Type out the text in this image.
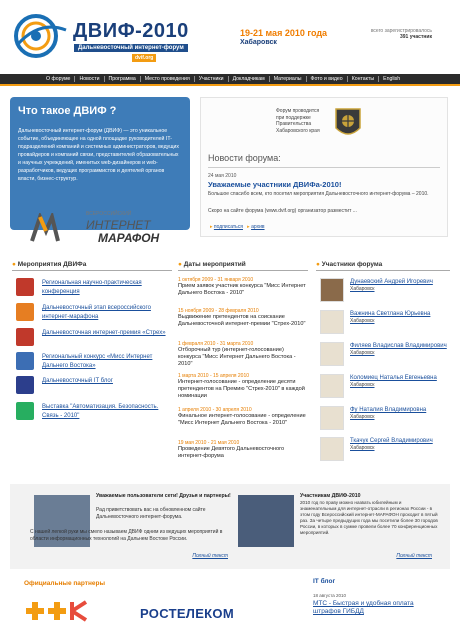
ДВИФ-2010
Дальневосточный интернет-форум
dvif.org
19-21 мая 2010 года
Хабаровск
всего зарегистрировалось
391 участник
О форуме	Новости	Программа	Место проведения	Участники	Докладчикам	Материалы	Фото и видео	Контакты	English
Что такое ДВИФ ?

Дальневосточный интернет-форум (ДВИФ) — это уникальное событие, объединяющее на одной площадке руководителей IT-подразделений компаний и системных администраторов, ведущих провайдеров и компаний связи, представителей образовательных и научных учреждений, именитых web-дизайнеров и web-разработчиков, ведущих программистов и деятелей органов власти, бизнес-структур.

Форум проводится при поддержке Правительства Хабаровского края
Новости форума:
24 мая 2010
Уважаемые участники ДВИФа-2010!
Большое спасибо всем, кто посетил мероприятия Дальневосточного интернет-форума – 2010.
Скоро на сайте форума (www.dvif.org) организатор разместит ...
▸ подписаться ▸ архив
ВСЕРОССИЙСКИЙ
ИНТЕРНЕТ
МАРАФОН
● Мероприятия ДВИФа	● Даты мероприятий	● Участники форума
Региональная научно-практическая конференция
Дальневосточный этап всероссийского интернет-марафона
Дальневосточная интернет-премия «Стрех»
Региональный конкурс «Мисс Интернет Дальнего Востока»
Дальневосточный IT блог
Выставка "Автоматизация. Безопасность. Связь - 2010"
1 октября 2009 - 31 января 2010
Прием заявок участник конкурса "Мисс Интернет Дальнего Востока - 2010"
15 ноября 2009 - 28 февраля 2010
Выдвижение претендентов на соискание Дальневосточной интернет-премии "Стрех-2010"
1 февраля 2010 - 31 марта 2010
Отборочный тур (интернет-голосование) конкурса "Мисс Интернет Дальнего Востока - 2010"
1 марта 2010 - 15 апреля 2010
Интернет-голосование - определение десяти претендентов на Премию "Стрех-2010" в каждой номинации
1 апреля 2010 - 30 апреля 2010
Финальное интернет-голосование - определение "Мисс Интернет Дальнего Востока - 2010"
19 мая 2010 - 21 мая 2010
Проведение Девятого Дальневосточного интернет-форума
Дунаевский Андрей Игоревич
Хабаровск
Важнина Светлана Юрьевна
Хабаровск
Филяев Владислав Владимирович
Хабаровск
Коломиец Наталья Евгеньевна
Хабаровск
Фу Наталия Владимировна
Хабаровск
Ткачук Сергей Владимирович
Хабаровск
Уважаемые пользователи сети! Друзья и партнеры!
Рад приветствовать вас на обновленном сайте Дальневосточного интернет-форума.
С нашей легкой руки мы смело называем ДВИФ одним из ведущих мероприятий в области информационных технологий на Дальнем Востоке России.
Полный текст
Участникам ДВИФ-2010
2010 год по праву можно назвать юбилейным и знаменательным для интернет-отрасли в регионах России - в этом году Всероссийский интернет-МАРАФОН проходит в пятый раз. За четыре предыдущих года мы посетили более 30 городов России, в которых в сумме провели более 70 конференционных мероприятий.
Полный текст
Официальные партнеры
РОСТЕЛЕКОМ
IT блог
18 августа 2010
МТС - Быстрая и удобная оплата штрафов ГИБДД
